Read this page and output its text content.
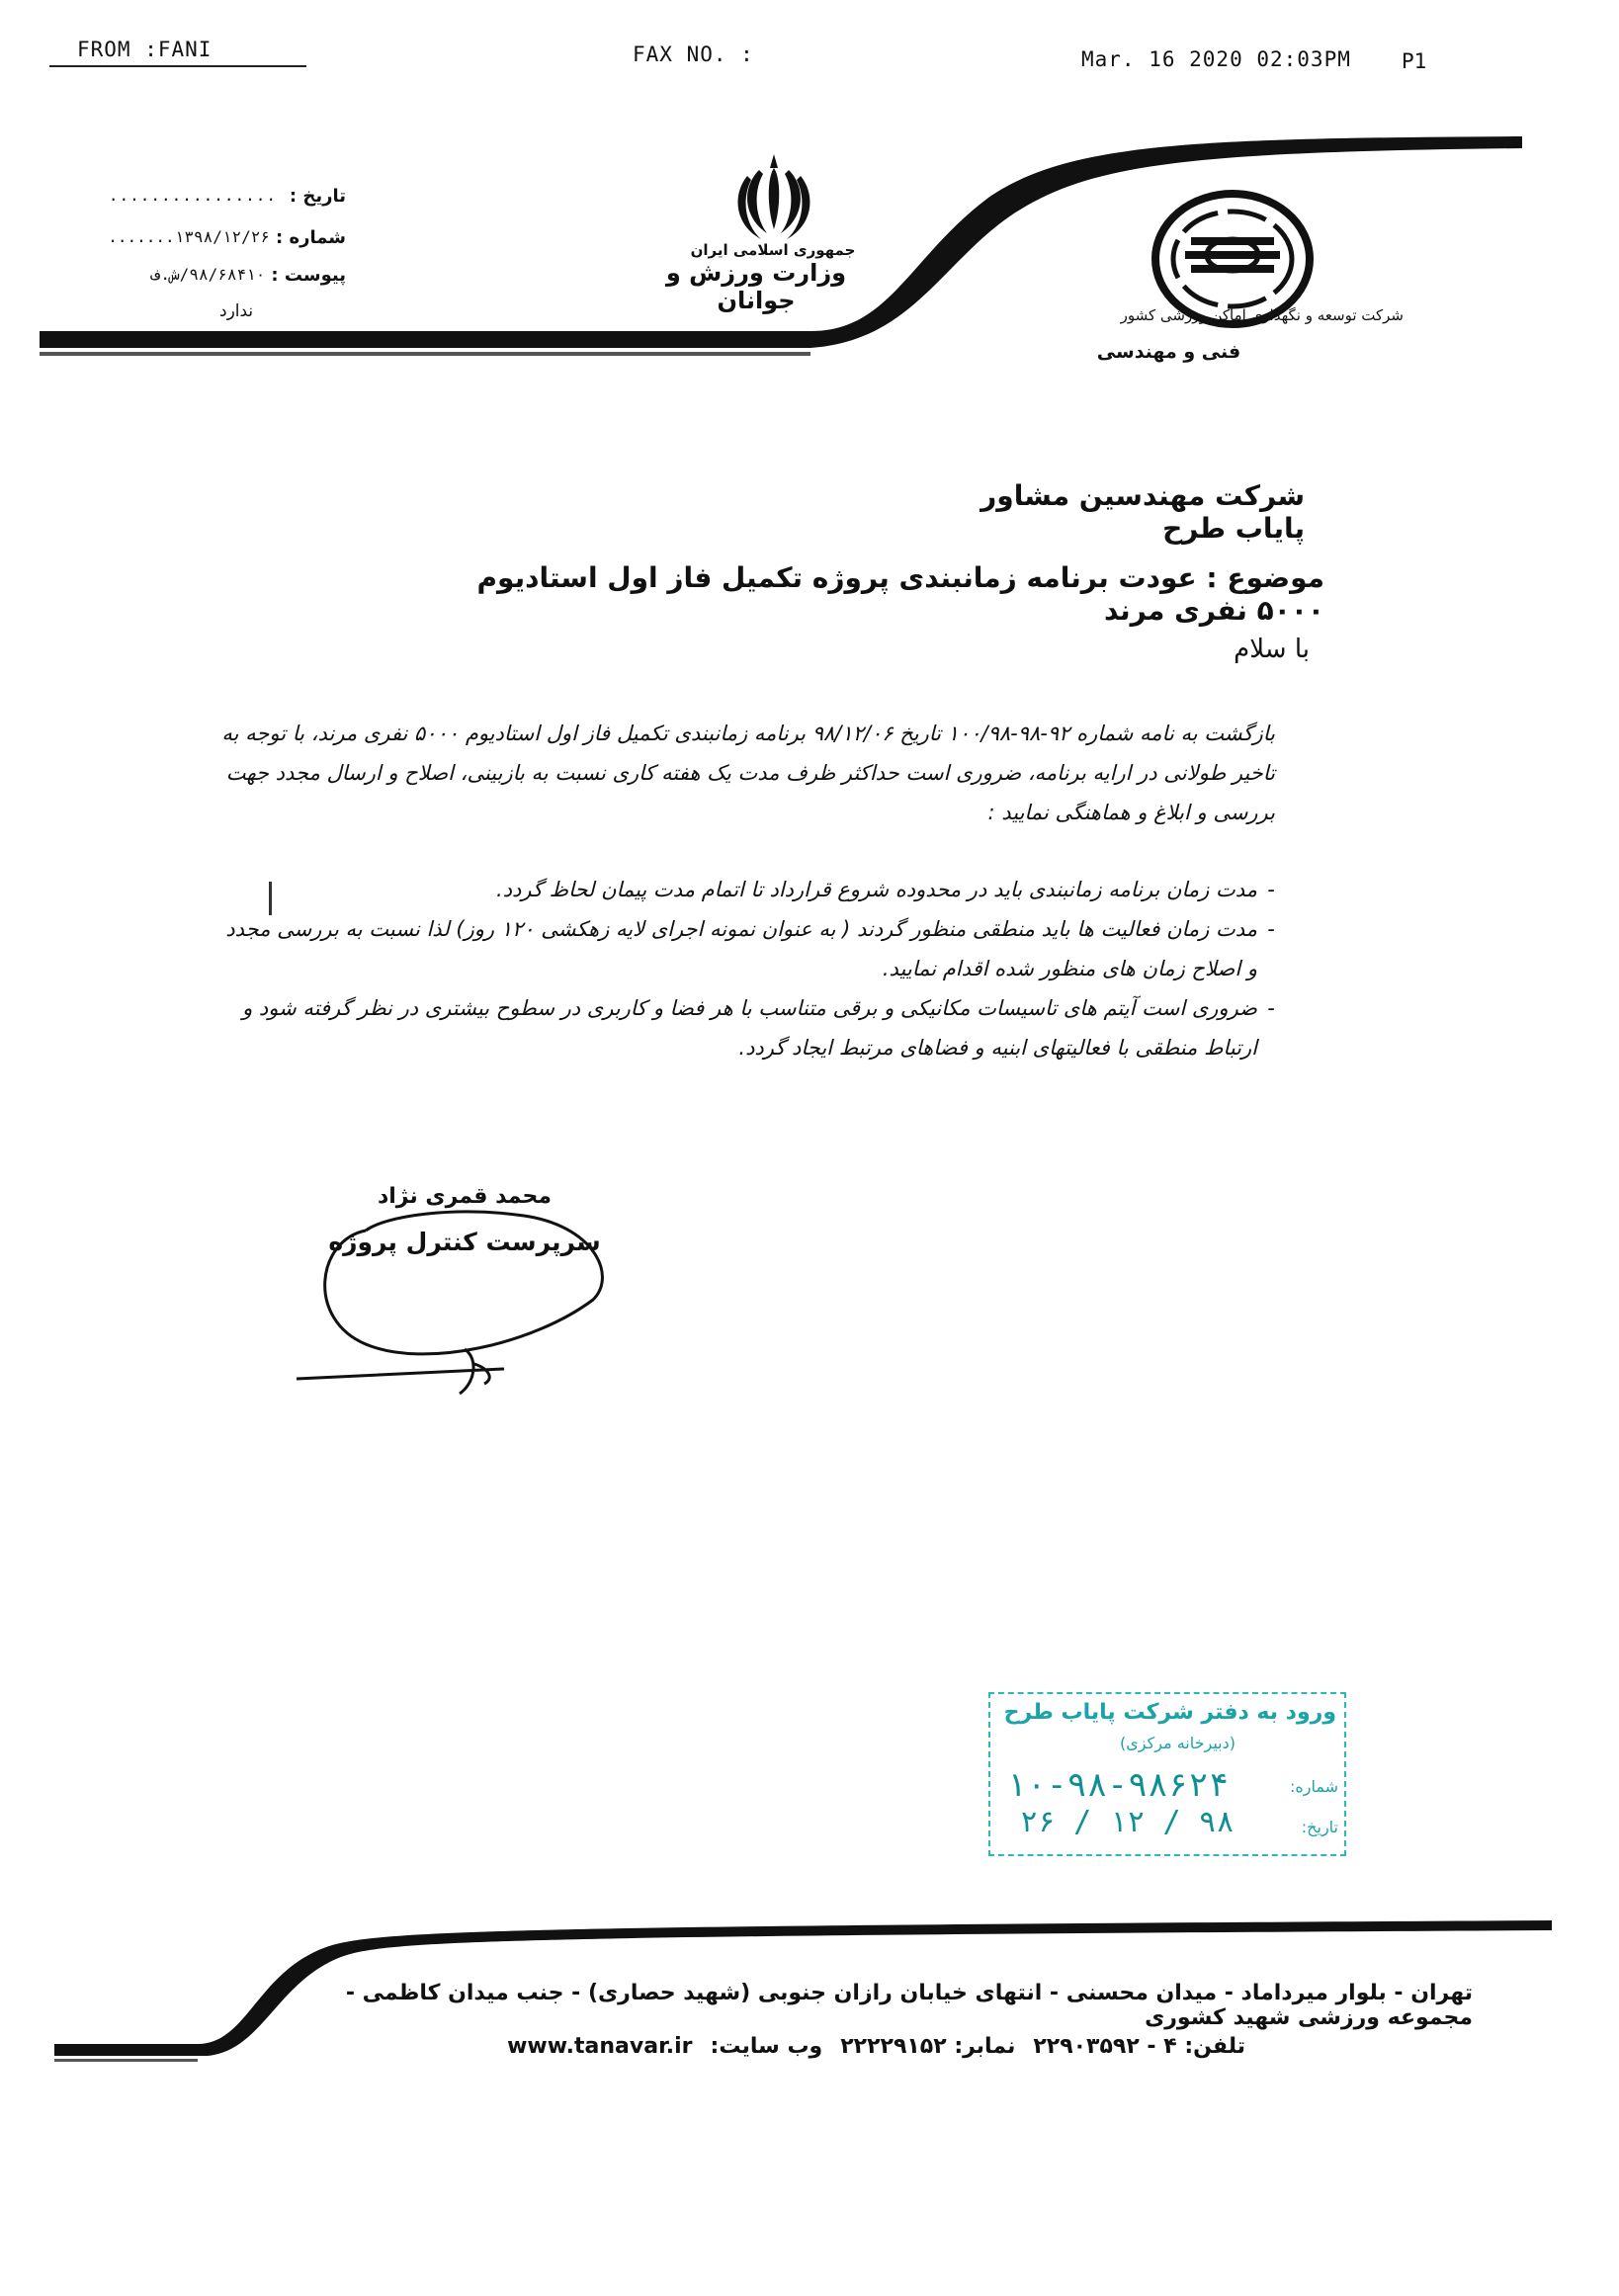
FROM :FANI	FAX NO. :	Mar. 16 2020 02:03PM P1
جمهوری اسلامی ایران
وزارت ورزش و جوانان
شرکت توسعه و نگهداری اماکن ورزشی کشور
فنی و مهندسی
تاریخ :
................
شماره :
۱۳۹۸/۱۲/۲۶.......
پیوست :
۹۸/۶۸۴۱۰/ش.ف
ندارد
شرکت مهندسین مشاور پایاب طرح
موضوع : عودت برنامه زمانبندی پروژه تکمیل فاز اول استادیوم ۵۰۰۰ نفری مرند
با سلام
بازگشت به نامه شماره ۹۲-۹۸-۱۰۰/۹۸ تاریخ ۹۸/۱۲/۰۶ برنامه زمانبندی تکمیل فاز اول استادیوم ۵۰۰۰ نفری مرند، با توجه به تاخیر طولانی در ارایه برنامه، ضروری است حداکثر ظرف مدت یک هفته کاری نسبت به بازبینی، اصلاح و ارسال مجدد جهت بررسی و ابلاغ و هماهنگی نمایید :
-
مدت زمان برنامه زمانبندی باید در محدوده شروع قرارداد تا اتمام مدت پیمان لحاظ گردد.
-
مدت زمان فعالیت ها باید منطقی منظور گردند ( به عنوان نمونه اجرای لایه زهکشی ۱۲۰ روز) لذا نسبت به بررسی مجدد و اصلاح زمان های منظور شده اقدام نمایید.
-
ضروری است آیتم های تاسیسات مکانیکی و برقی متناسب با هر فضا و کاربری در سطوح بیشتری در نظر گرفته شود و ارتباط منطقی با فعالیتهای ابنیه و فضاهای مرتبط ایجاد گردد.
محمد قمری نژاد
سرپرست کنترل پروژه
ورود به دفتر شرکت پایاب طرح
(دبیرخانه مرکزی)
شماره:
تاریخ:
۱۰-۹۸-۹۸۶۲۴
۹۸ / ۱۲ / ۲۶
تهران - بلوار میرداماد - میدان محسنی - انتهای خیابان رازان جنوبی (شهید حصاری) - جنب میدان کاظمی - مجموعه ورزشی شهید کشوری
تلفن: ۴ - ۲۲۹۰۳۵۹۲
نمابر: ۲۲۲۲۹۱۵۲
وب سایت:
www.tanavar.ir
